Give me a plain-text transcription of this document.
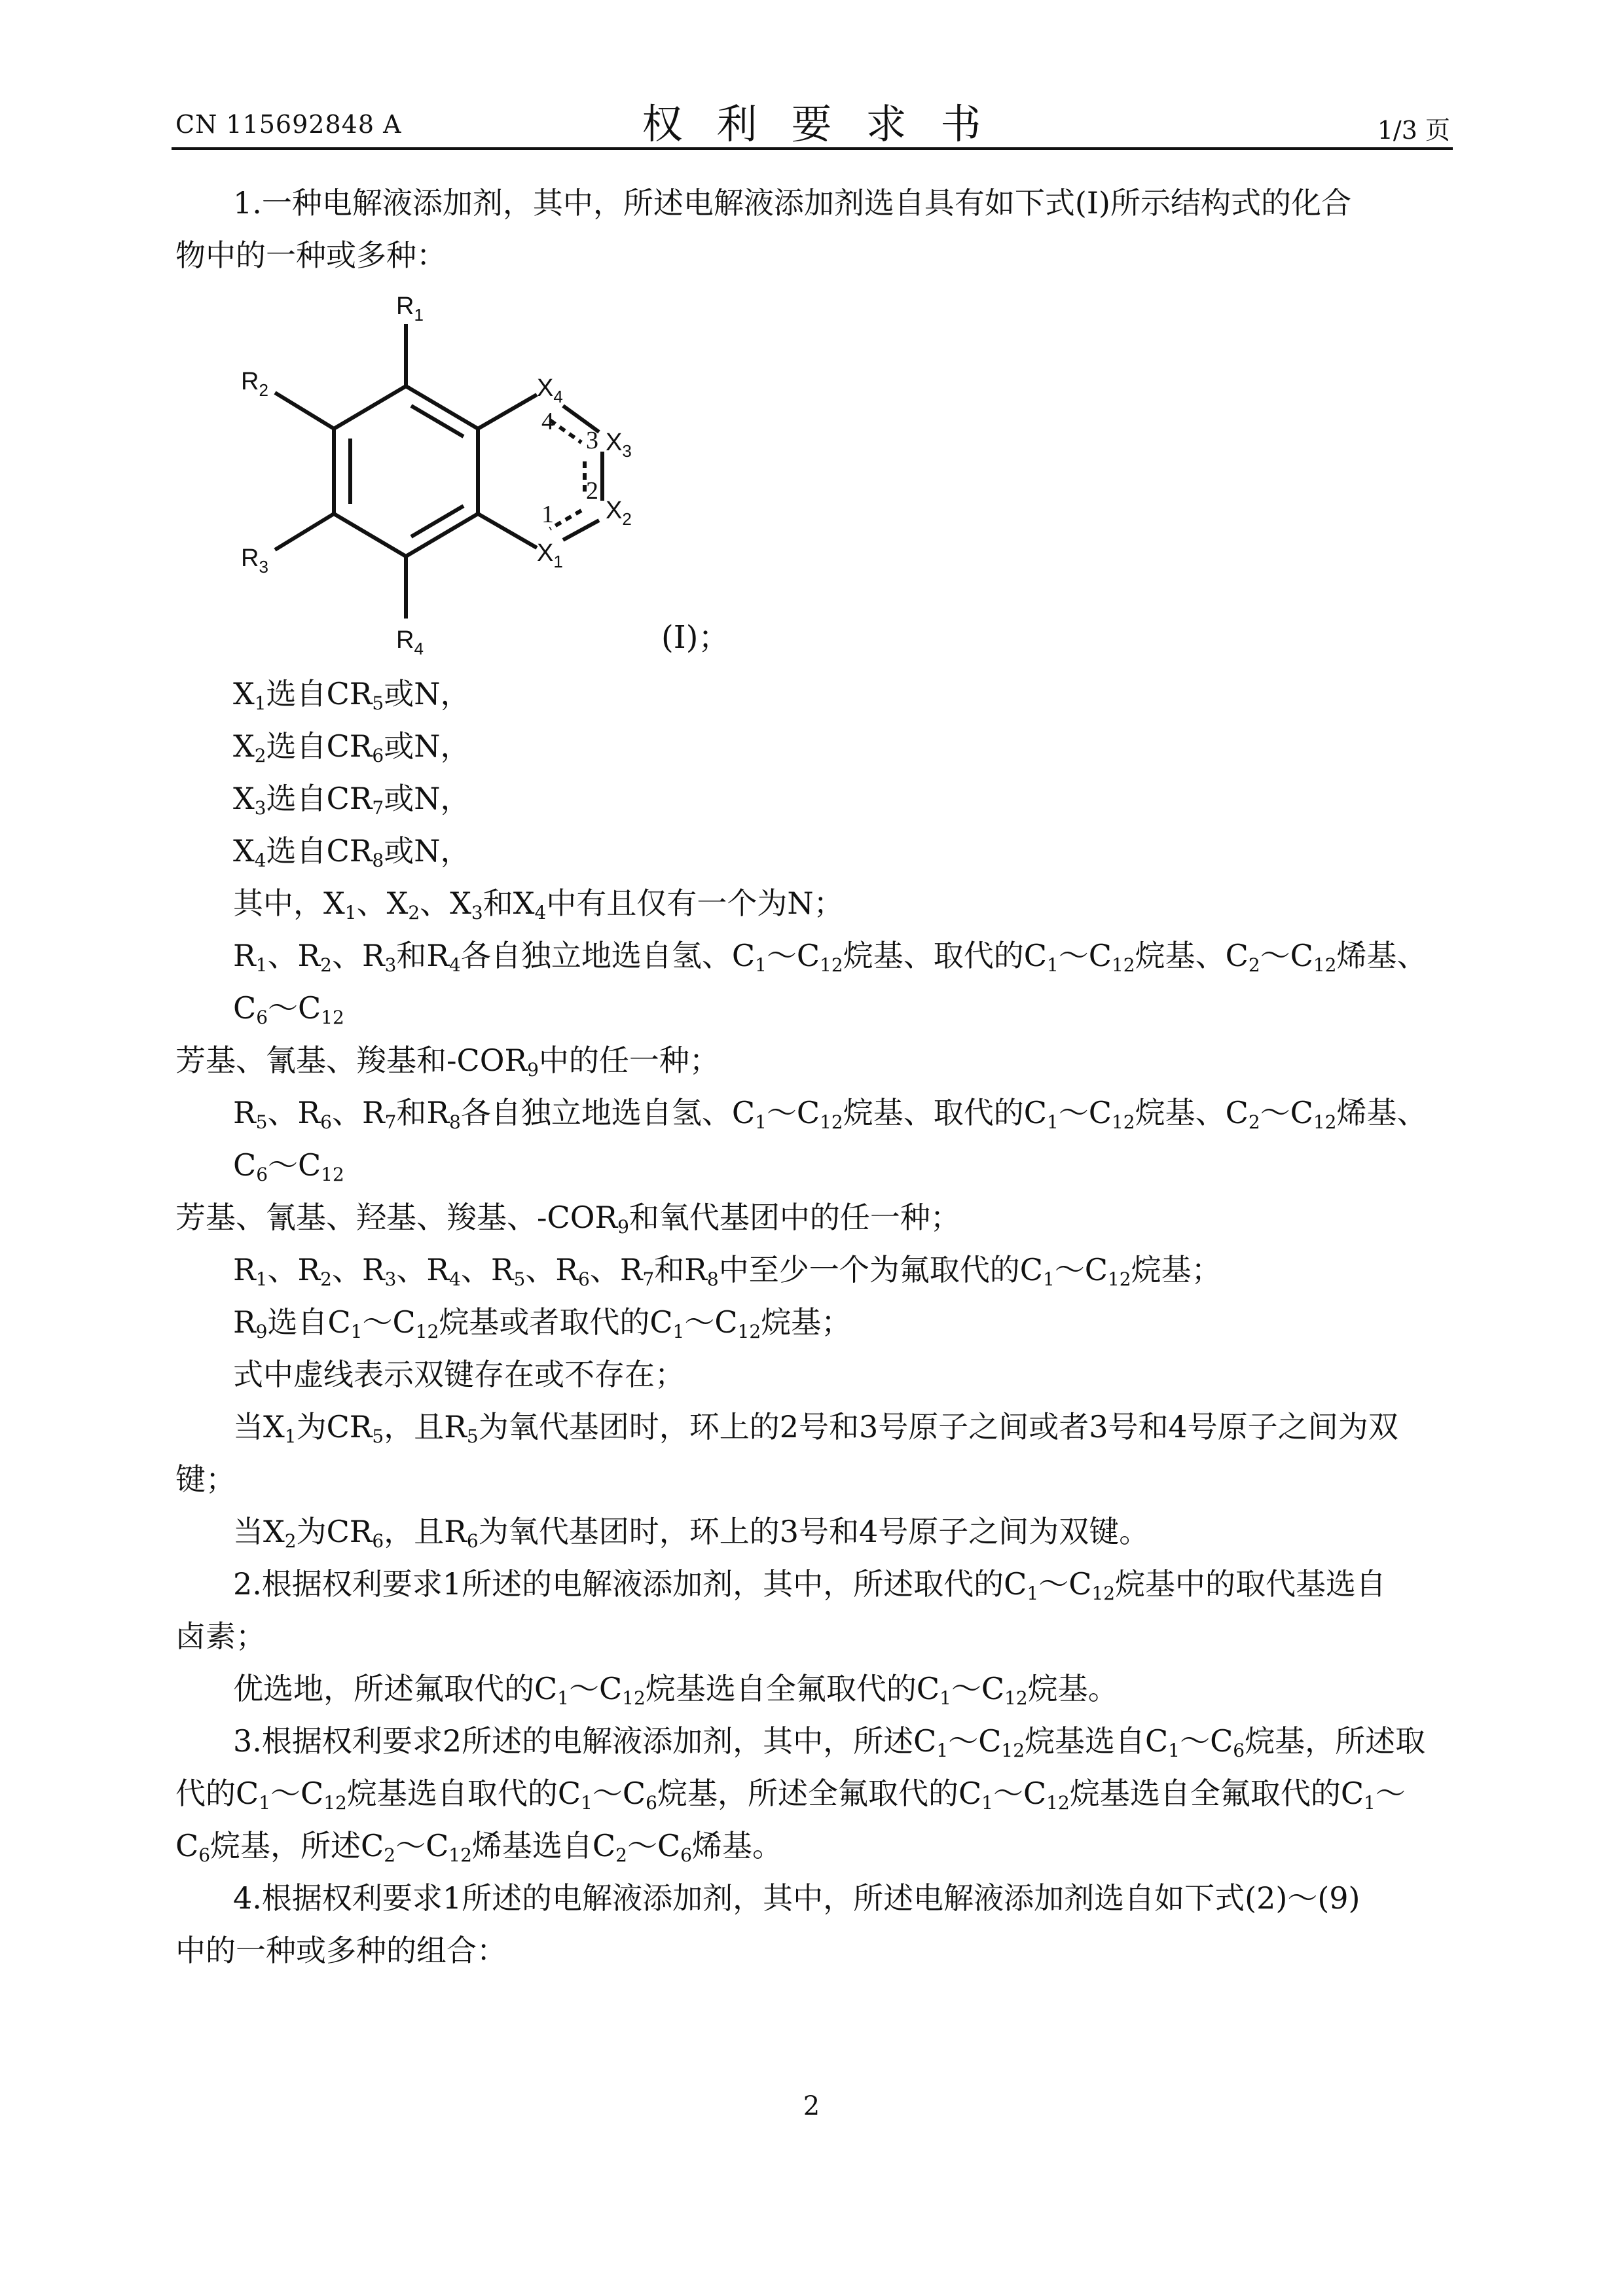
CN 115692848 A	权利要求书	1/3 页

1.一种电解液添加剂，其中，所述电解液添加剂选自具有如下式(I)所示结构式的化合

物中的一种或多种：

$R_1$
$R_2$
$R_3$
$R_4$
$X_4$
$X_3$
$X_2$
$X_1$
4
3
2
1
(I)；

$X_1$选自$CR_5$或N，

$X_2$选自$CR_6$或N，

$X_3$选自$CR_7$或N，

$X_4$选自$CR_8$或N，

其中，$X_1$、$X_2$、$X_3$和$X_4$中有且仅有一个为N；

$R_1$、$R_2$、$R_3$和$R_4$各自独立地选自氢、$C_1\sim C_{12}$烷基、取代的$C_1\sim C_{12}$烷基、$C_2\sim C_{12}$烯基、$C_6\sim C_{12}$

芳基、氰基、羧基和$-COR_9$中的任一种；

$R_5$、$R_6$、$R_7$和$R_8$各自独立地选自氢、$C_1\sim C_{12}$烷基、取代的$C_1\sim C_{12}$烷基、$C_2\sim C_{12}$烯基、$C_6\sim C_{12}$

芳基、氰基、羟基、羧基、$-COR_9$和氧代基团中的任一种；

$R_1$、$R_2$、$R_3$、$R_4$、$R_5$、$R_6$、$R_7$和$R_8$中至少一个为氟取代的$C_1\sim C_{12}$烷基；

$R_9$选自$C_1\sim C_{12}$烷基或者取代的$C_1\sim C_{12}$烷基；

式中虚线表示双键存在或不存在；

当$X_1$为$CR_5$，且$R_5$为氧代基团时，环上的2号和3号原子之间或者3号和4号原子之间为双

键；

当$X_2$为$CR_6$，且$R_6$为氧代基团时，环上的3号和4号原子之间为双键。

2.根据权利要求1所述的电解液添加剂，其中，所述取代的$C_1\sim C_{12}$烷基中的取代基选自

卤素；

优选地，所述氟取代的$C_1\sim C_{12}$烷基选自全氟取代的$C_1\sim C_{12}$烷基。

3.根据权利要求2所述的电解液添加剂，其中，所述$C_1\sim C_{12}$烷基选自$C_1\sim C_6$烷基，所述取

代的$C_1\sim C_{12}$烷基选自取代的$C_1\sim C_6$烷基，所述全氟取代的$C_1\sim C_{12}$烷基选自全氟取代的$C_1\sim$

$C_6$烷基，所述$C_2\sim C_{12}$烯基选自$C_2\sim C_6$烯基。

4.根据权利要求1所述的电解液添加剂，其中，所述电解液添加剂选自如下式(2)～(9)

中的一种或多种的组合：

2
